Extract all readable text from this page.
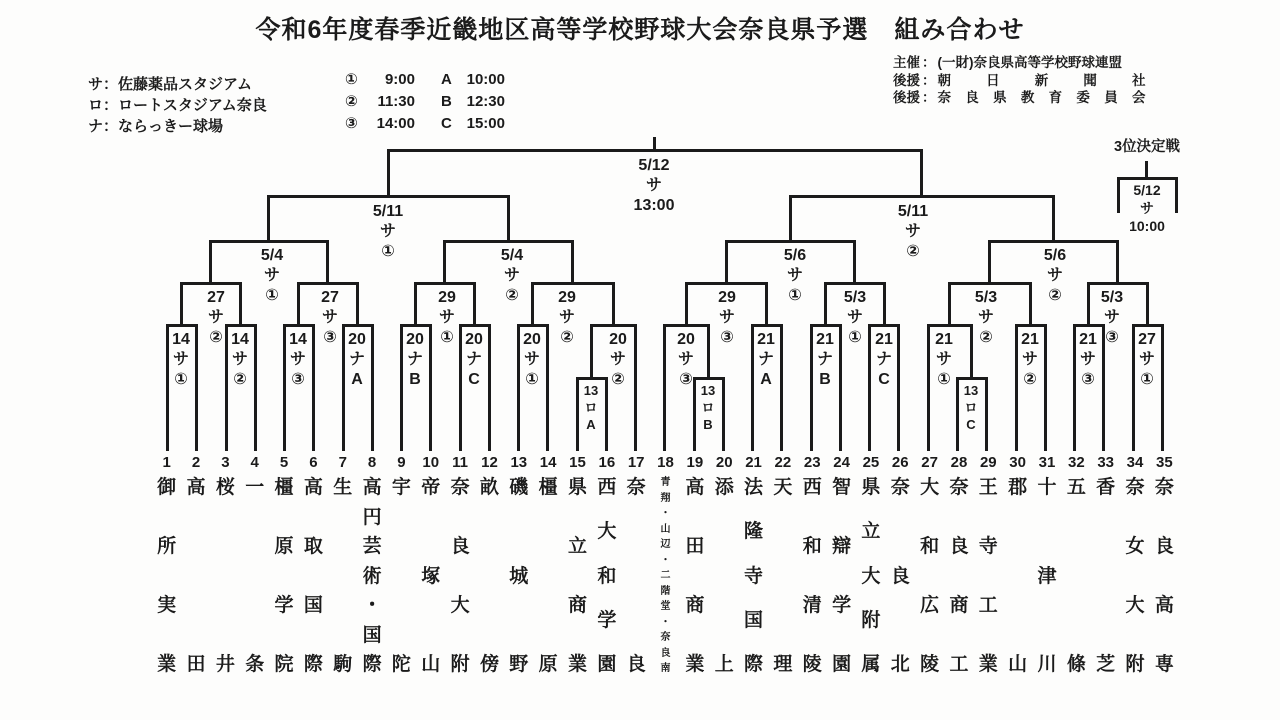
令和6年度春季近畿地区高等学校野球大会奈良県予選　組み合わせ
サ：佐藤薬品スタジアム
ロ：ロートスタジアム奈良
ナ：ならっきー球場
①	9:00 A 10:00
②	11:30 B 12:30
③	14:00 C 15:00
主催 ： (一財)奈良県高等学校野球連盟
後援 ： 朝	日	新	聞	社
後援 ： 奈 良 県 教 育 委 員 会
3位決定戦
5/12
サ
13:00
5/12
サ
10:00
5/11
サ
①
5/11
サ
②
5/4
サ
①
5/4
サ
②
5/6
サ
①
5/6
サ
②
27
サ
②
27
サ
③
29
サ
①
29
サ
②
29
サ
③
5/3
サ
①
5/3
サ
②
5/3
サ
③
14
サ
①
14
サ
②
14
サ
③
20
ナ
A
20
ナ
B
20
ナ
C
20
サ
①
20
サ
②
20
サ
③
21
ナ
A
21
ナ
B
21
ナ
C
21
サ
①
21
サ
②
21
サ
③
27
サ
①
13
ロ
A
13
ロ
B
13
ロ
C
1
御
所
実
業
2
高
田
3
桜
井
4
一
条
5
橿
原
学
院
6
高
取
国
際
7
生
駒
8
高
円
芸
術
・
国
際
9
宇
陀
10
帝
塚
山
11
奈
良
大
附
12
畝
傍
13
磯
城
野
14
橿
原
15
県
立
商
業
16
西
大
和
学
園
17
奈
良
18
青
翔
・
山
辺
・
二
階
堂
・
奈
良
南
19
高
田
商
業
20
添
上
21
法
隆
寺
国
際
22
天
理
23
西
和
清
陵
24
智
辯
学
園
25
県
立
大
附
属
26
奈
良
北
27
大
和
広
陵
28
奈
良
商
工
29
王
寺
工
業
30
郡
山
31
十
津
川
32
五
條
33
香
芝
34
奈
女
大
附
35
奈
良
高
専
